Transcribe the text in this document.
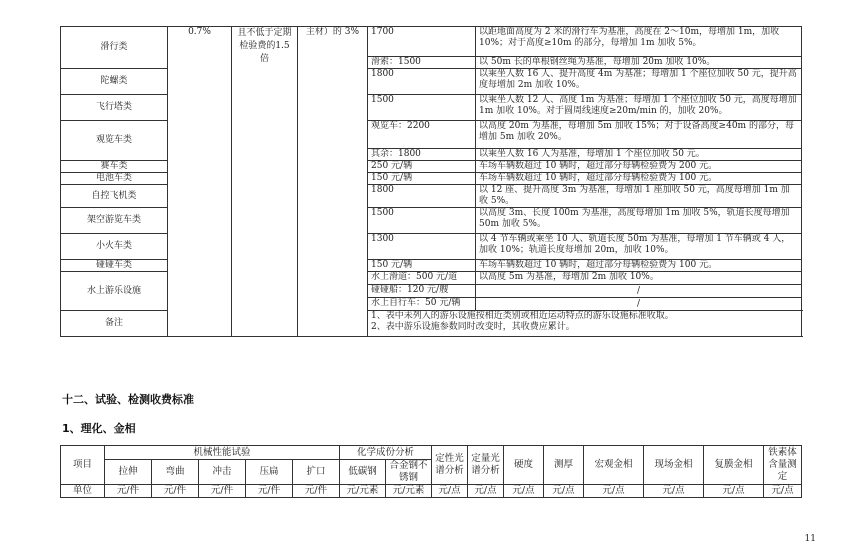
滑行类	0.7%	且不低于定期检验费的1.5倍	主材）的 3%	1700	以距地面高度为 2 米的滑行车为基准，高度在 2～10m，每增加 1m，加收 10%；对于高度≥10m 的部分，每增加 1m 加收 5%。
				滑索：1500	以 50m 长的单根钢丝绳为基准，每增加 20m 加收 10%。
陀螺类				1800	以乘坐人数 16 人、提升高度 4m 为基准；每增加 1 个座位加收 50 元，提升高度每增加 2m 加收 10%。
飞行塔类				1500	以乘坐人数 12 人、高度 1m 为基准；每增加 1 个座位加收 50 元，高度每增加 1m 加收 10%。对于圆周线速度≥20m/min 的，加收 20%。
观览车类				观览车：2200	以高度 20m 为基准，每增加 5m 加收 15%；对于设备高度≥40m 的部分，每增加 5m 加收 20%。
				其余：1800	以乘坐人数 16 人为基准，每增加 1 个座位加收 50 元。
赛车类				250 元/辆	车场车辆数超过 10 辆时，超过部分每辆检验费为 200 元。
电池车类				150 元/辆	车场车辆数超过 10 辆时，超过部分每辆检验费为 100 元。
自控飞机类				1800	以 12 座、提升高度 3m 为基准，每增加 1 座加收 50 元，高度每增加 1m 加收 5%。
架空游览车类				1500	以高度 3m、长度 100m 为基准，高度每增加 1m 加收 5%，轨道长度每增加 50m 加收 5%。
小火车类				1300	以 4 节车辆或乘坐 10 人、轨道长度 50m 为基准，每增加 1 节车辆或 4 人，加收 10%；轨道长度每增加 20m，加收 10%。
碰碰车类				150 元/辆	车场车辆数超过 10 辆时，超过部分每辆检验费为 100 元。
水上游乐设施				水上滑道：500 元/道	以高度 5m 为基准，每增加 2m 加收 10%。
				碰碰船：120 元/艘	/
				水上自行车：50 元/辆	/
备注				1、表中未列入的游乐设施按相近类别或相近运动特点的游乐设施标准收取。
2、表中游乐设施参数同时改变时，其收费应累计。	
十二、试验、检测收费标准
1、理化、金相
项目	机械性能试验					化学成份分析		定性光谱分析	定量光谱分析	硬度	测厚	宏观金相	现场金相	复膜金相	铁素体含量测定
	拉伸	弯曲	冲击	压扁	扩口	低碳钢	合金钢不锈钢								
单位	元/件	元/件	元/件	元/件	元/件	元/元素	元/元素	元/点	元/点	元/点	元/点	元/点	元/点	元/点	元/点
11
